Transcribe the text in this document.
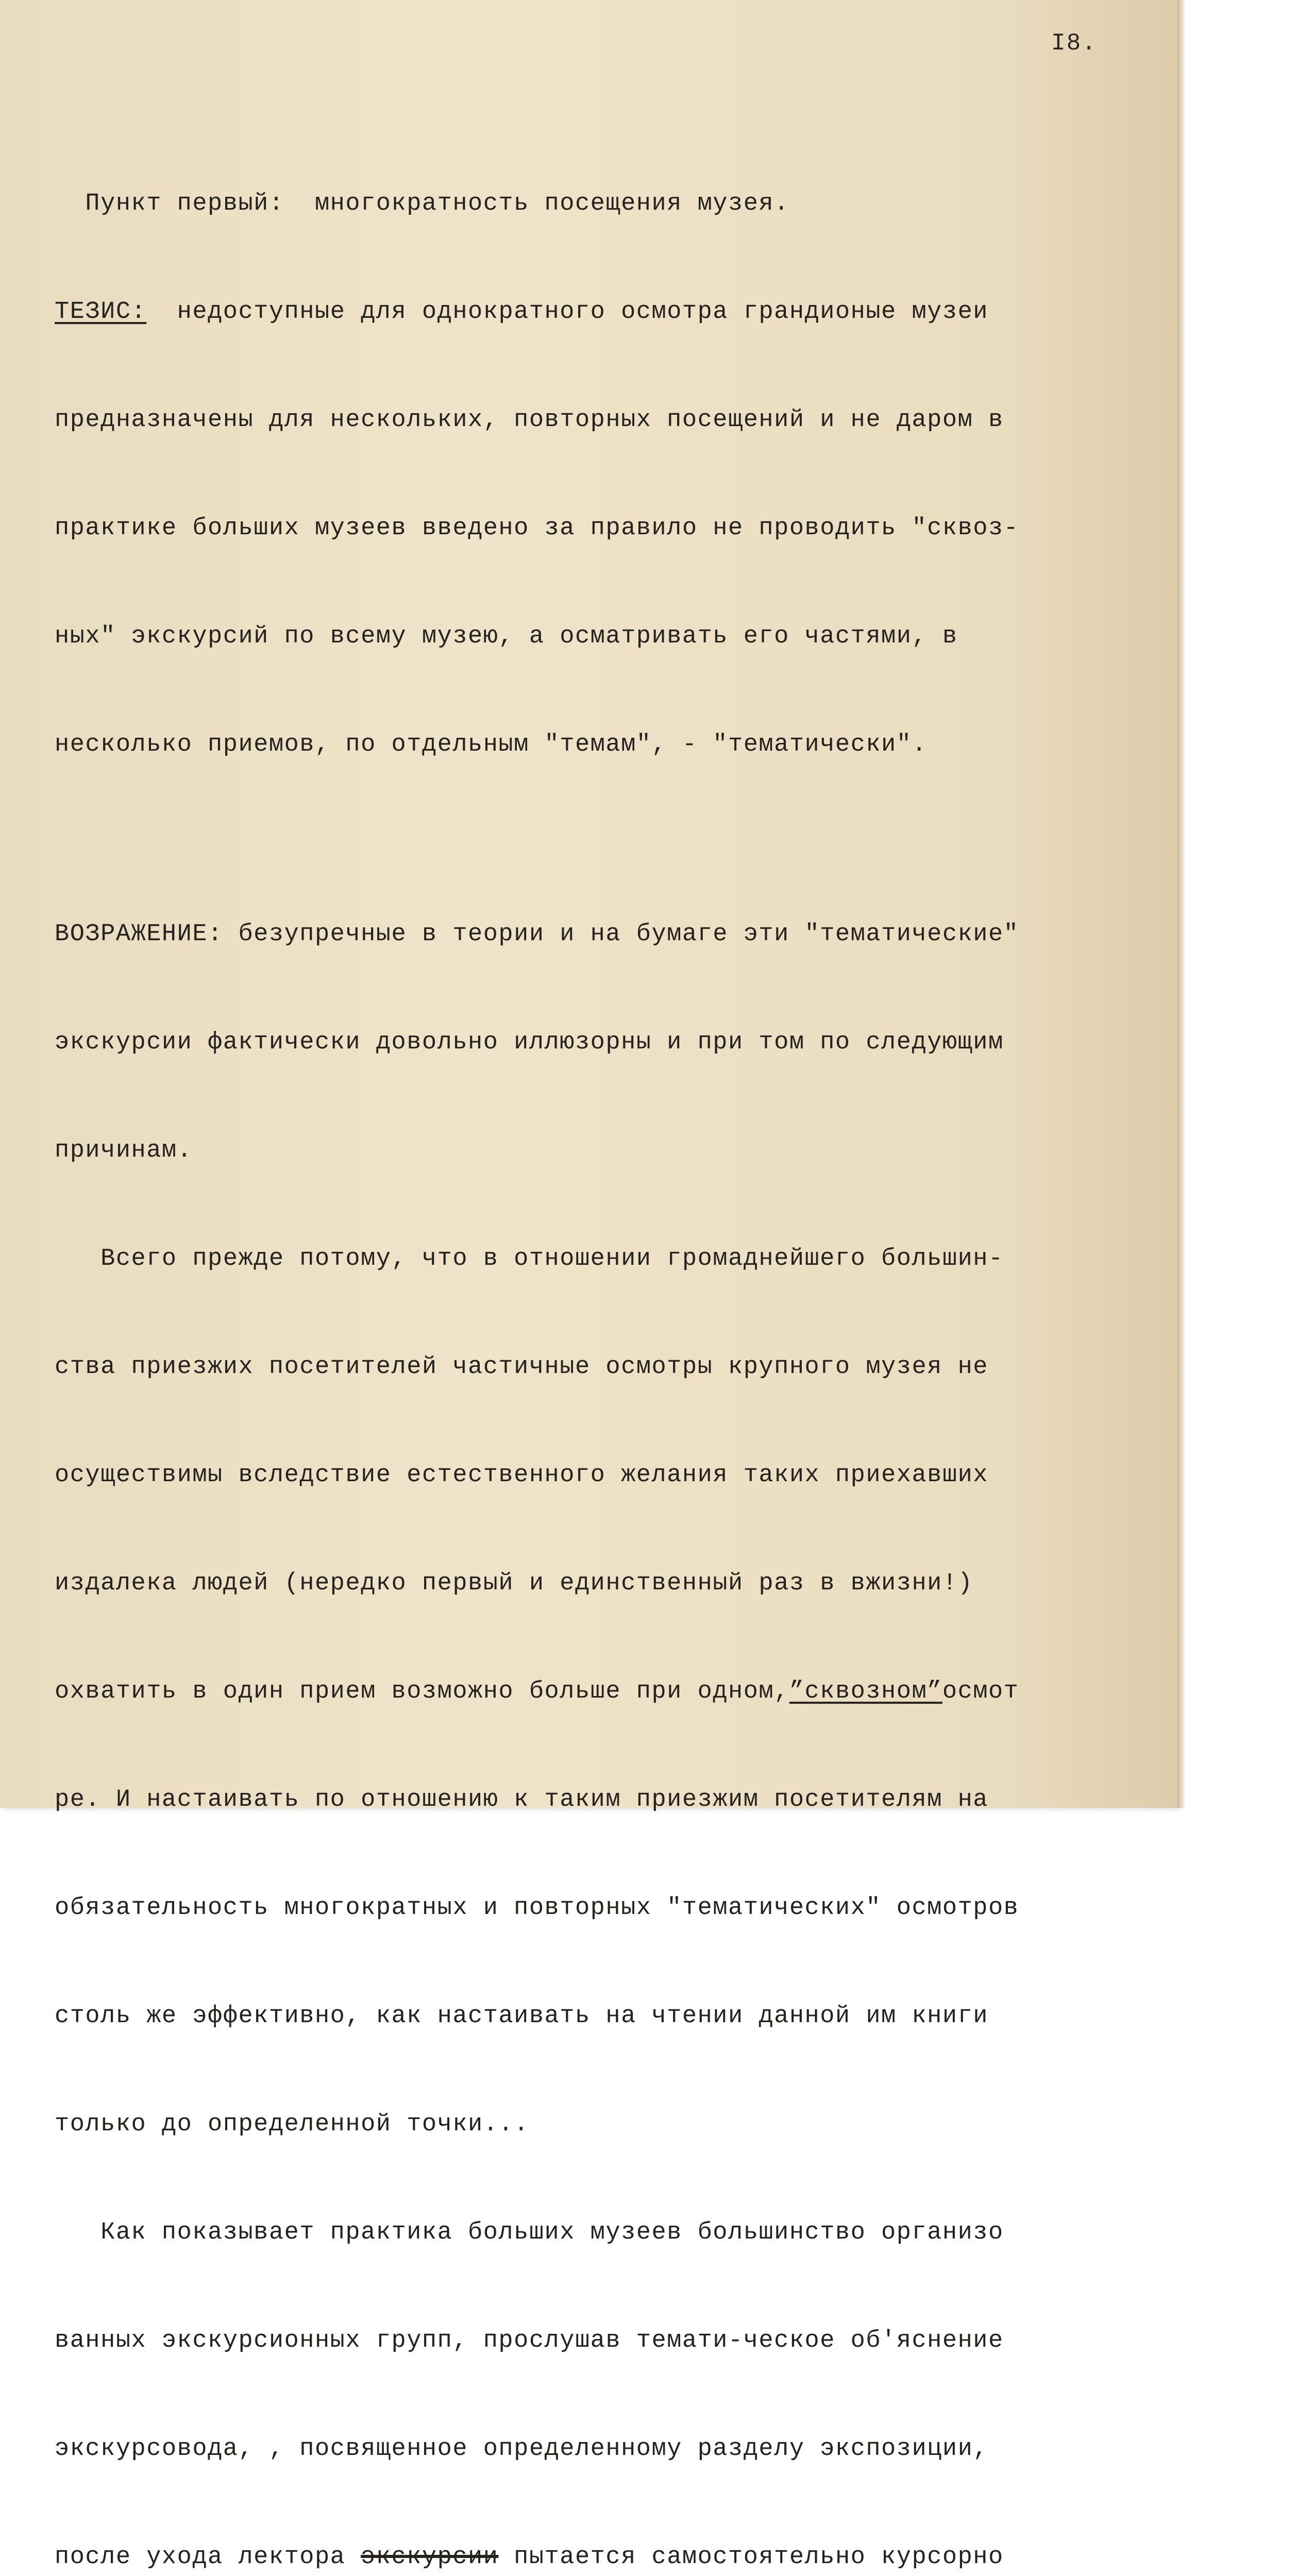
I8.

Пункт первый:  многократность посещения музея.

ТЕЗИС:  недоступные для однократного осмотра грандионые музеи

предназначены для нескольких, повторных посещений и не даром в

практике больших музеев введено за правило не проводить "сквоз-

ных" экскурсий по всему музею, а осматривать его частями, в

несколько приемов, по отдельным "темам", - "тематически".

ВОЗРАЖЕНИЕ: безупречные в теории и на бумаге эти "тематические"

экскурсии фактически довольно иллюзорны и при том по следующим

причинам.

Всего прежде потому, что в отношении громаднейшего большин-

ства приезжих посетителей частичные осмотры крупного музея не

осуществимы вследствие естественного желания таких приехавших

издалека людей (нередко первый и единственный раз в вжизни!)

охватить в один прием возможно больше при одном,”сквозном”осмот

ре. И настаивать по отношению к таким приезжим посетителям на

обязательность многократных и повторных "тематических" осмотров

столь же эффективно, как настаивать на чтении данной им книги

только до определенной точки...

Как показывает практика больших музеев большинство организо

ванных экскурсионных групп, прослушав темати-ческое об'яснение

экскурсовода, , посвященное определенному разделу экспозиции,

после ухода лектора экскурсии пытается самостоятельно курсорно
